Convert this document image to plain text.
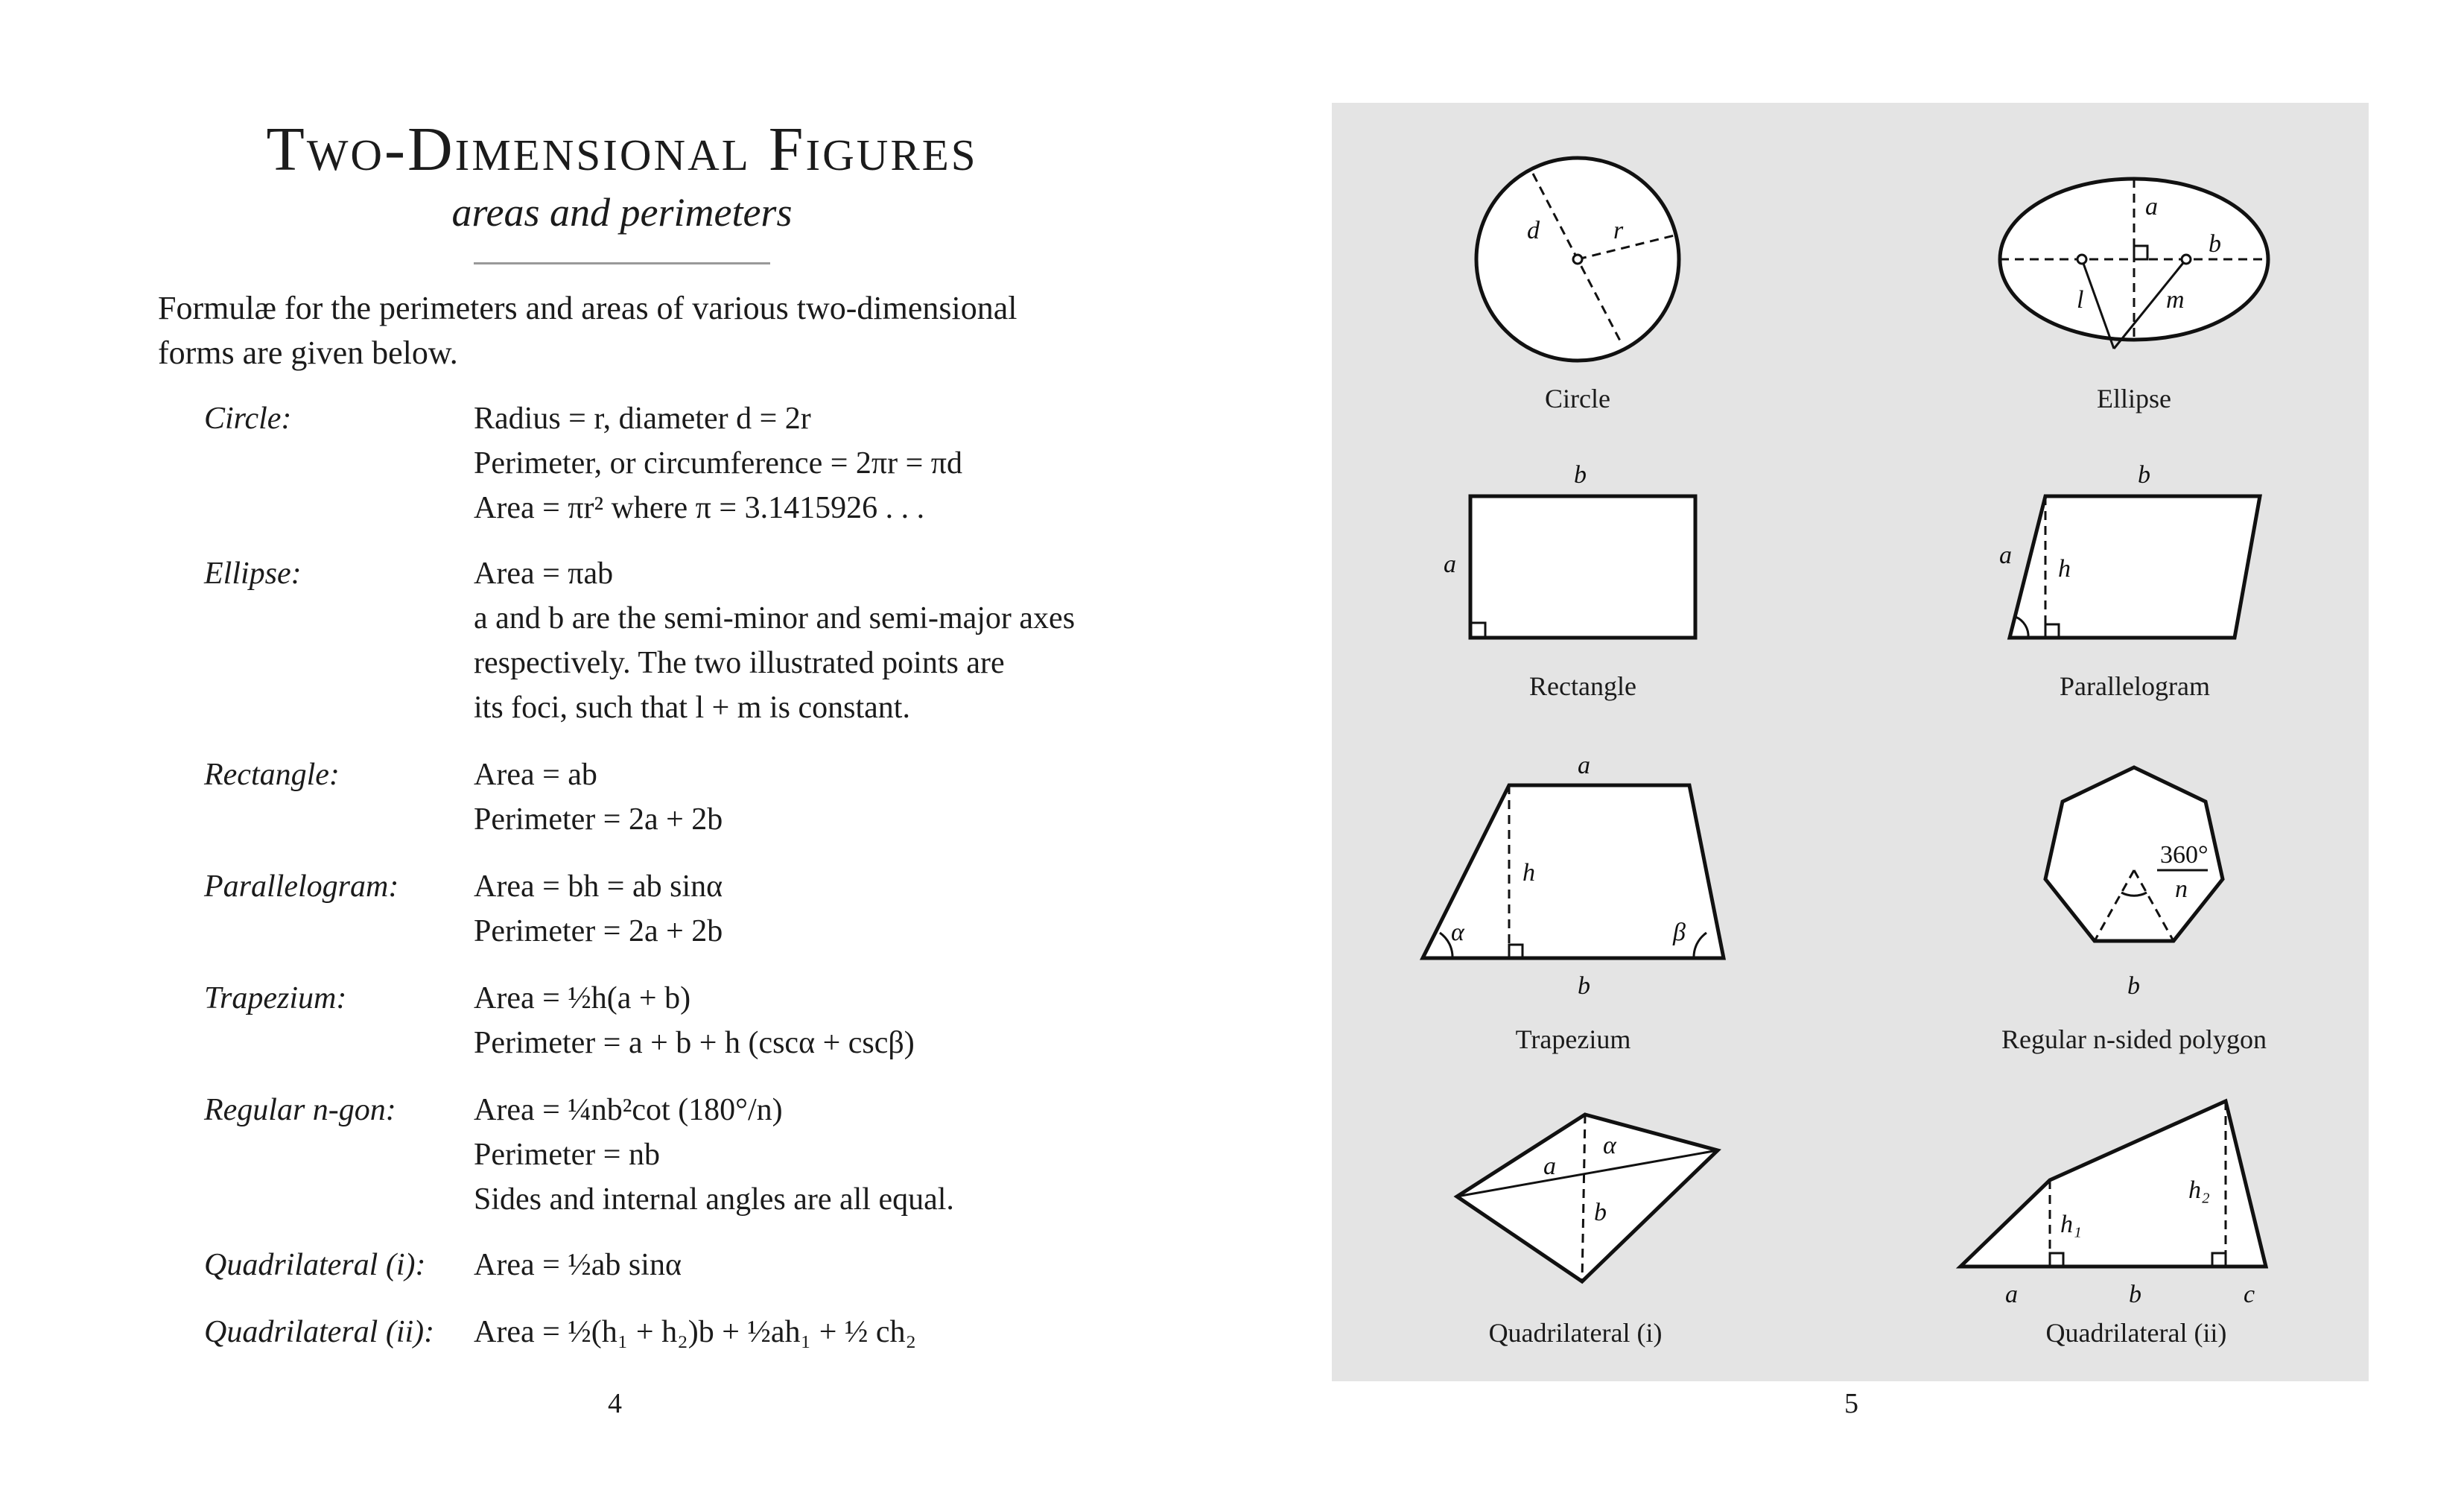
Two-Dimensional Figures
areas and perimeters
Formulæ for the perimeters and areas of various two-dimensional forms are given below.
Circle:	Radius = r, diameter d = 2r
Perimeter, or circumference = 2πr = πd
Area = πr² where π = 3.1415926 . . .
Ellipse:	Area = πab
a and b are the semi-minor and semi-major axes
respectively. The two illustrated points are
its foci, such that l + m is constant.
Rectangle:	Area = ab
Perimeter = 2a + 2b
Parallelogram:	Area = bh = ab sinα
Perimeter = 2a + 2b
Trapezium:	Area = ½h(a + b)
Perimeter = a + b + h (cscα + cscβ)
Regular n-gon:	Area = ¼nb²cot (180°/n)
Perimeter = nb
Sides and internal angles are all equal.
Quadrilateral (i):	Area = ½ab sinα
Quadrilateral (ii):	Area = ½(h₁ + h₂)b + ½ah₁ + ½ ch₂
4	5
d	r
a
b
l	m
b
a
b
a h
a
h
α	β
b
360°
n
b
a
α
b	h₁
h₂
a	b	c
Circle	Ellipse
Rectangle	Parallelogram
Trapezium	Regular n-sided polygon
Quadrilateral (i)	Quadrilateral (ii)
